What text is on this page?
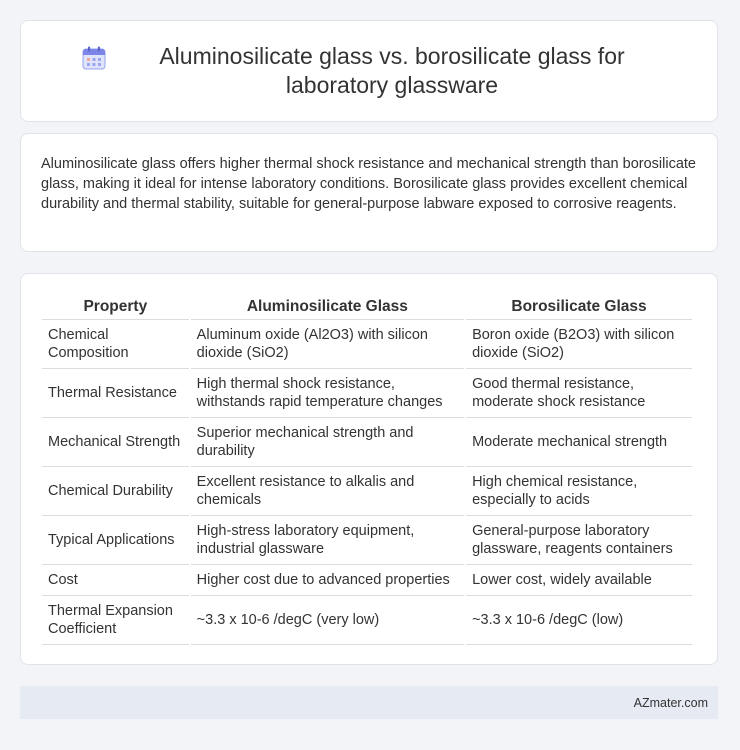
Aluminosilicate glass vs. borosilicate glass for laboratory glassware

Aluminosilicate glass offers higher thermal shock resistance and mechanical strength than borosilicate glass, making it ideal for intense laboratory conditions. Borosilicate glass provides excellent chemical durability and thermal stability, suitable for general-purpose labware exposed to corrosive reagents.

Property	Aluminosilicate Glass	Borosilicate Glass
Chemical Composition	Aluminum oxide (Al2O3) with silicon dioxide (SiO2)	Boron oxide (B2O3) with silicon dioxide (SiO2)
Thermal Resistance	High thermal shock resistance, withstands rapid temperature changes	Good thermal resistance, moderate shock resistance
Mechanical Strength	Superior mechanical strength and durability	Moderate mechanical strength
Chemical Durability	Excellent resistance to alkalis and chemicals	High chemical resistance, especially to acids
Typical Applications	High-stress laboratory equipment, industrial glassware	General-purpose laboratory glassware, reagents containers
Cost	Higher cost due to advanced properties	Lower cost, widely available
Thermal Expansion Coefficient	~3.3 x 10-6 /degC (very low)	~3.3 x 10-6 /degC (low)
AZmater.com
